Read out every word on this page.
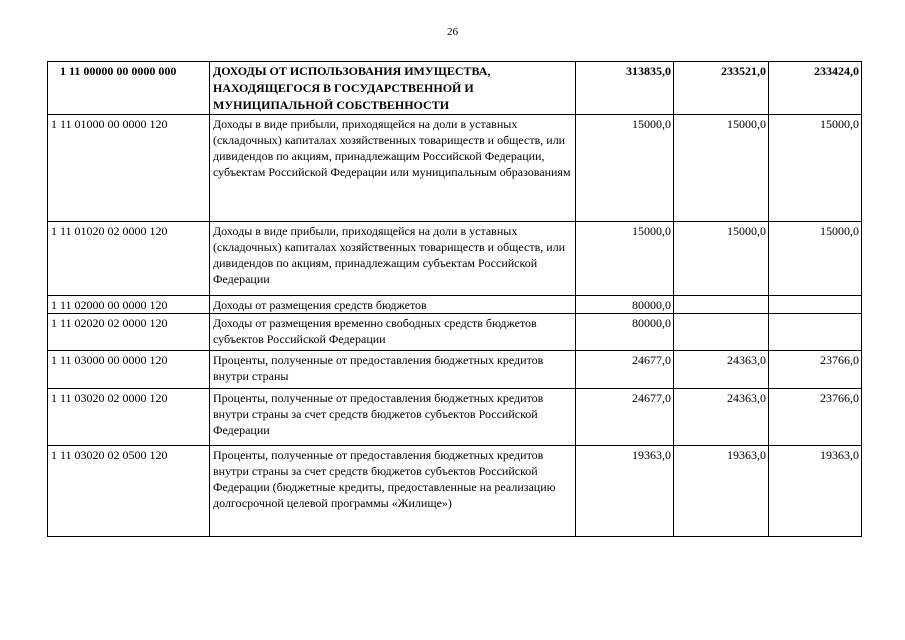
26
1 11 00000 00 0000 000	ДОХОДЫ ОТ ИСПОЛЬЗОВАНИЯ ИМУЩЕСТВА, НАХОДЯЩЕГОСЯ В ГОСУДАРСТВЕННОЙ И МУНИЦИПАЛЬНОЙ СОБСТВЕННОСТИ	313835,0	233521,0	233424,0
1 11 01000 00 0000 120	Доходы в виде прибыли, приходящейся на доли в уставных (складочных) капиталах хозяйственных товариществ и обществ, или дивидендов по акциям, принадлежащим Российской Федерации, субъектам Российской Федерации или муниципальным образованиям	15000,0	15000,0	15000,0
1 11 01020 02 0000 120	Доходы в виде прибыли, приходящейся на доли в уставных (складочных) капиталах хозяйственных товариществ и обществ, или дивидендов по акциям, принадлежащим субъектам Российской Федерации	15000,0	15000,0	15000,0
1 11 02000 00 0000 120	Доходы от размещения средств бюджетов	80000,0		
1 11 02020 02 0000 120	Доходы от размещения временно свободных средств бюджетов субъектов Российской Федерации	80000,0		
1 11 03000 00 0000 120	Проценты, полученные от предоставления бюджетных кредитов внутри страны	24677,0	24363,0	23766,0
1 11 03020 02 0000 120	Проценты, полученные от предоставления бюджетных кредитов внутри страны за счет средств бюджетов субъектов Российской Федерации	24677,0	24363,0	23766,0
1 11 03020 02 0500 120	Проценты, полученные от предоставления бюджетных кредитов внутри страны за счет средств бюджетов субъектов Российской Федерации (бюджетные кредиты, предоставленные на реализацию долгосрочной целевой программы «Жилище»)	19363,0	19363,0	19363,0
